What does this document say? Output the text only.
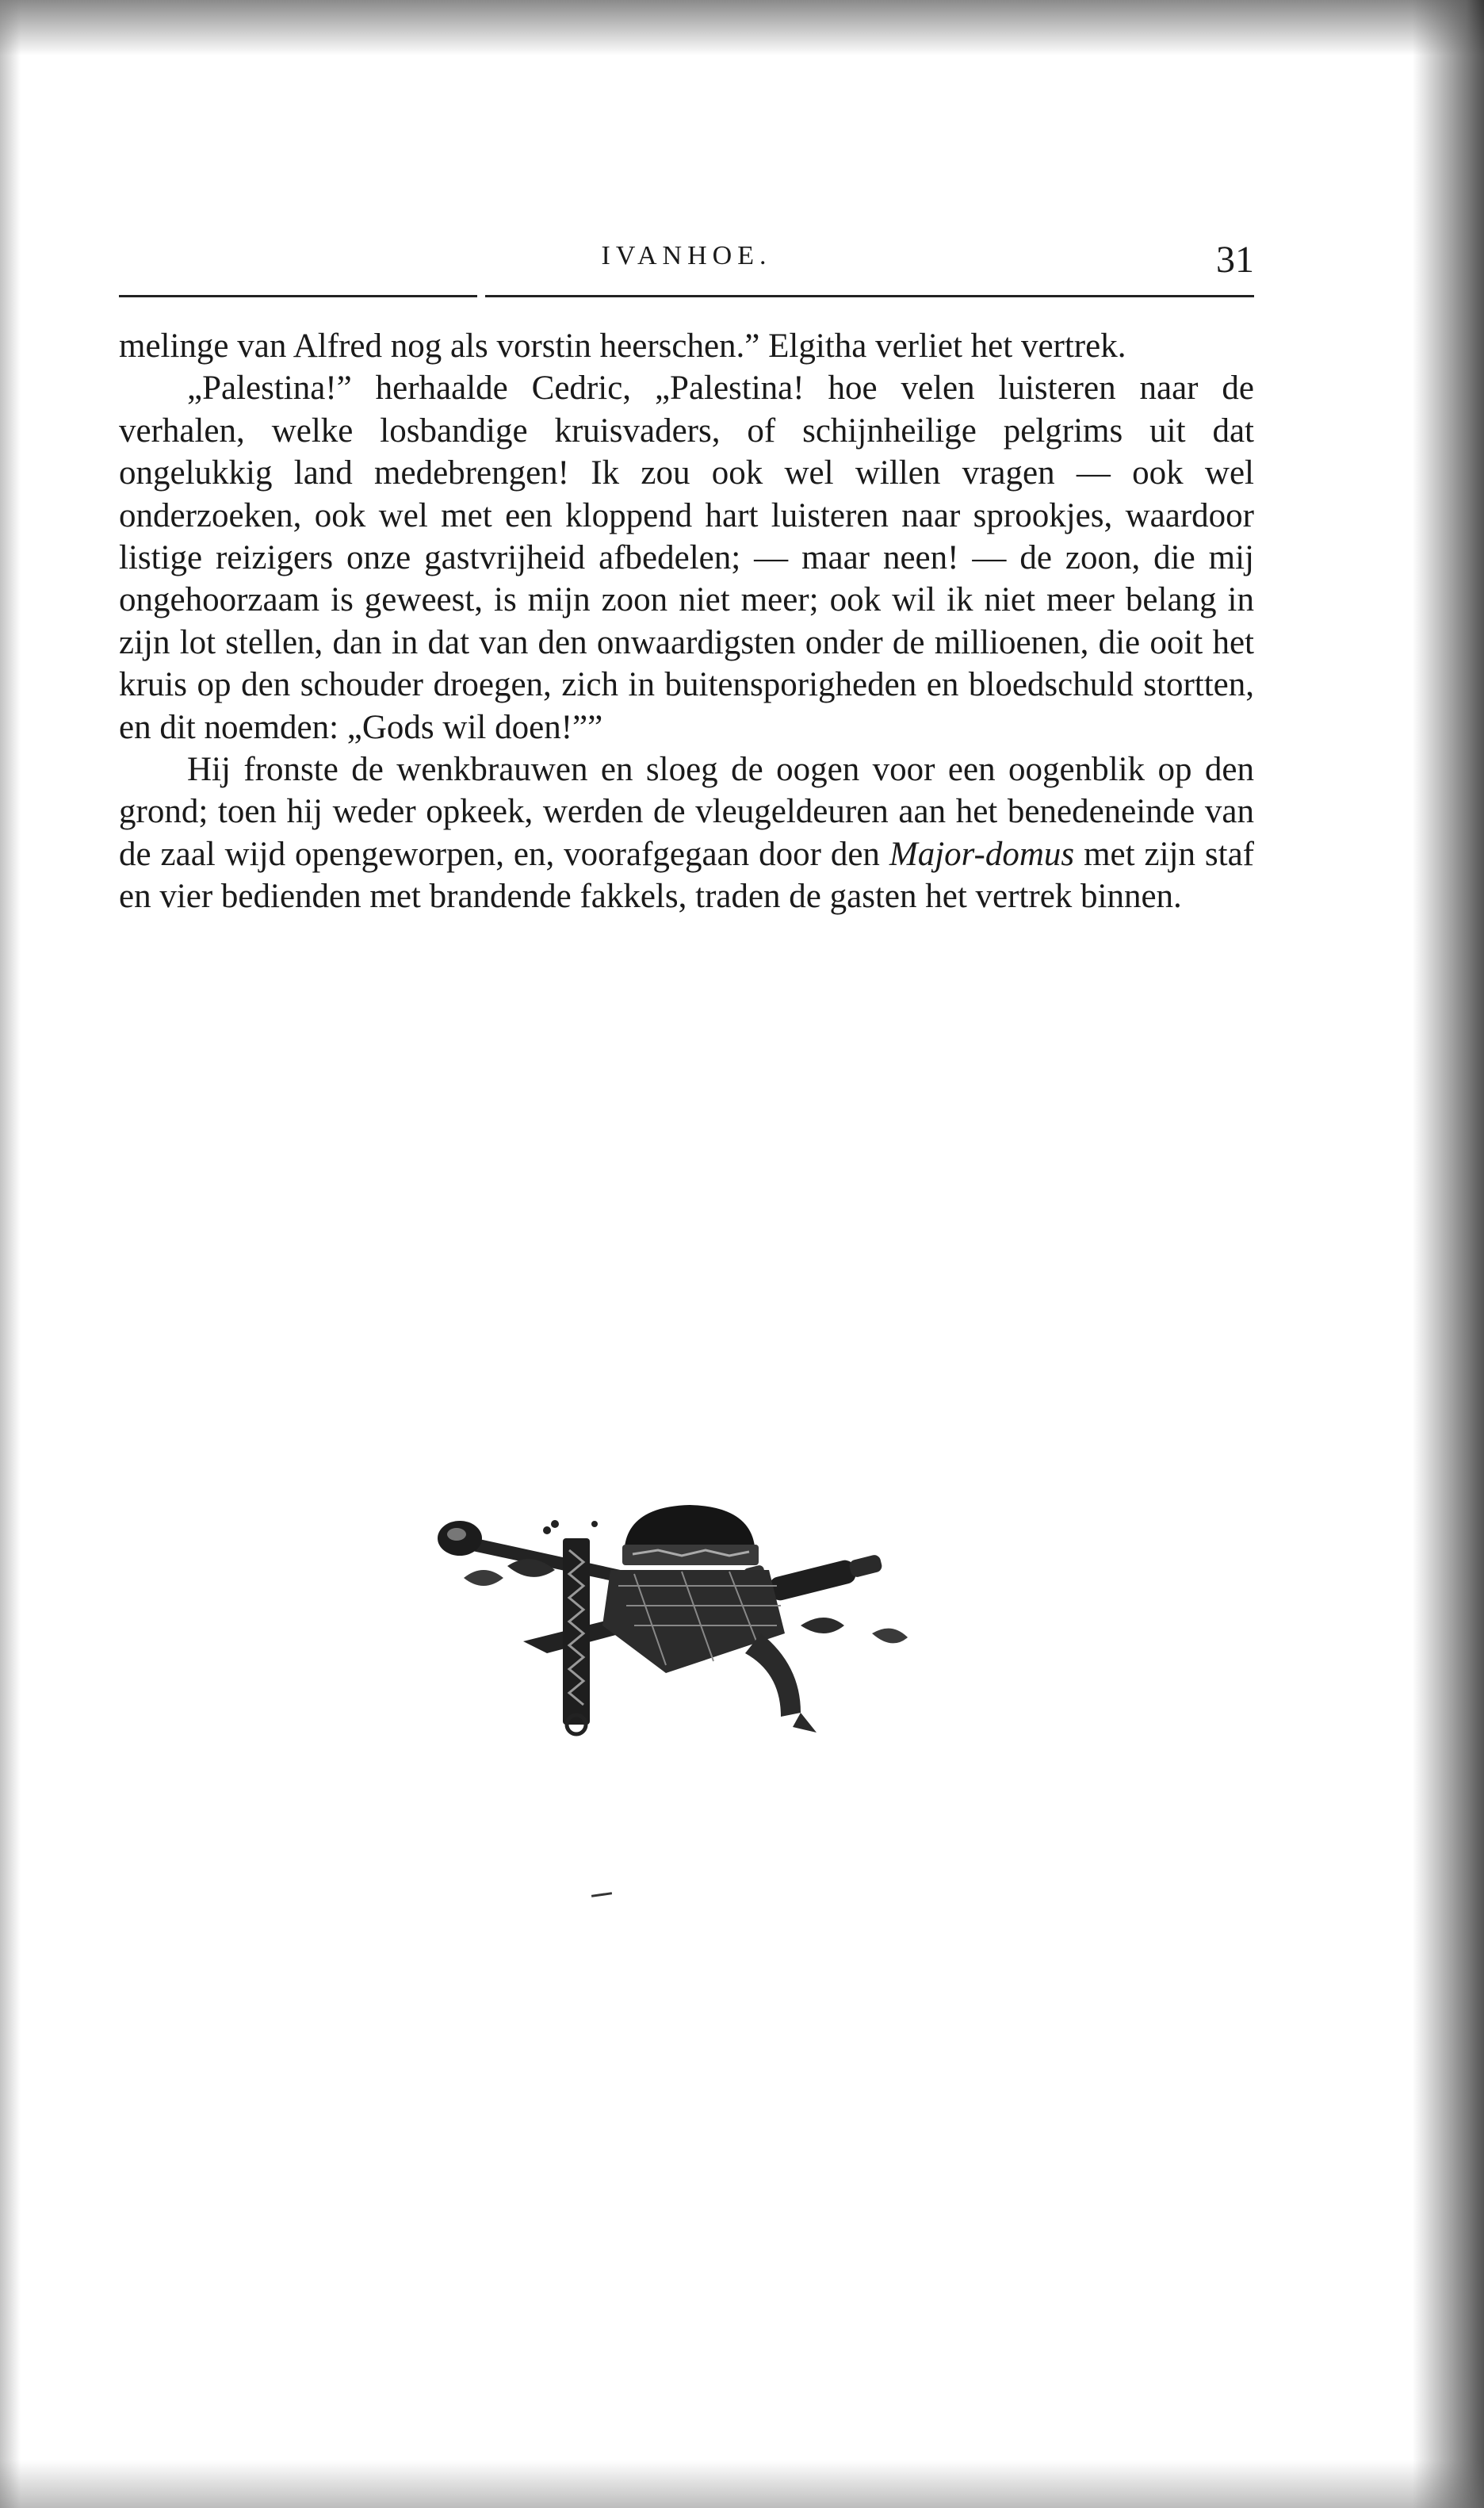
IVANHOE.	31

melinge van Alfred nog als vorstin heerschen.” Elgitha verliet het vertrek.

„Palestina!” herhaalde Cedric, „Palestina! hoe velen luisteren naar de verhalen, welke losbandige kruisvaders, of schijnheilige pelgrims uit dat ongelukkig land medebrengen! Ik zou ook wel willen vragen — ook wel onderzoeken, ook wel met een kloppend hart luisteren naar sprookjes, waardoor listige reizigers onze gastvrijheid afbedelen; — maar neen! — de zoon, die mij ongehoorzaam is geweest, is mijn zoon niet meer; ook wil ik niet meer belang in zijn lot stellen, dan in dat van den onwaardigsten onder de millioenen, die ooit het kruis op den schouder droegen, zich in buitensporigheden en bloedschuld stortten, en dit noemden: „Gods wil doen!””

Hij fronste de wenkbrauwen en sloeg de oogen voor een oogenblik op den grond; toen hij weder opkeek, werden de vleugeldeuren aan het benedeneinde van de zaal wijd opengeworpen, en, voorafgegaan door den Major-domus met zijn staf en vier bedienden met brandende fakkels, traden de gasten het vertrek binnen.
